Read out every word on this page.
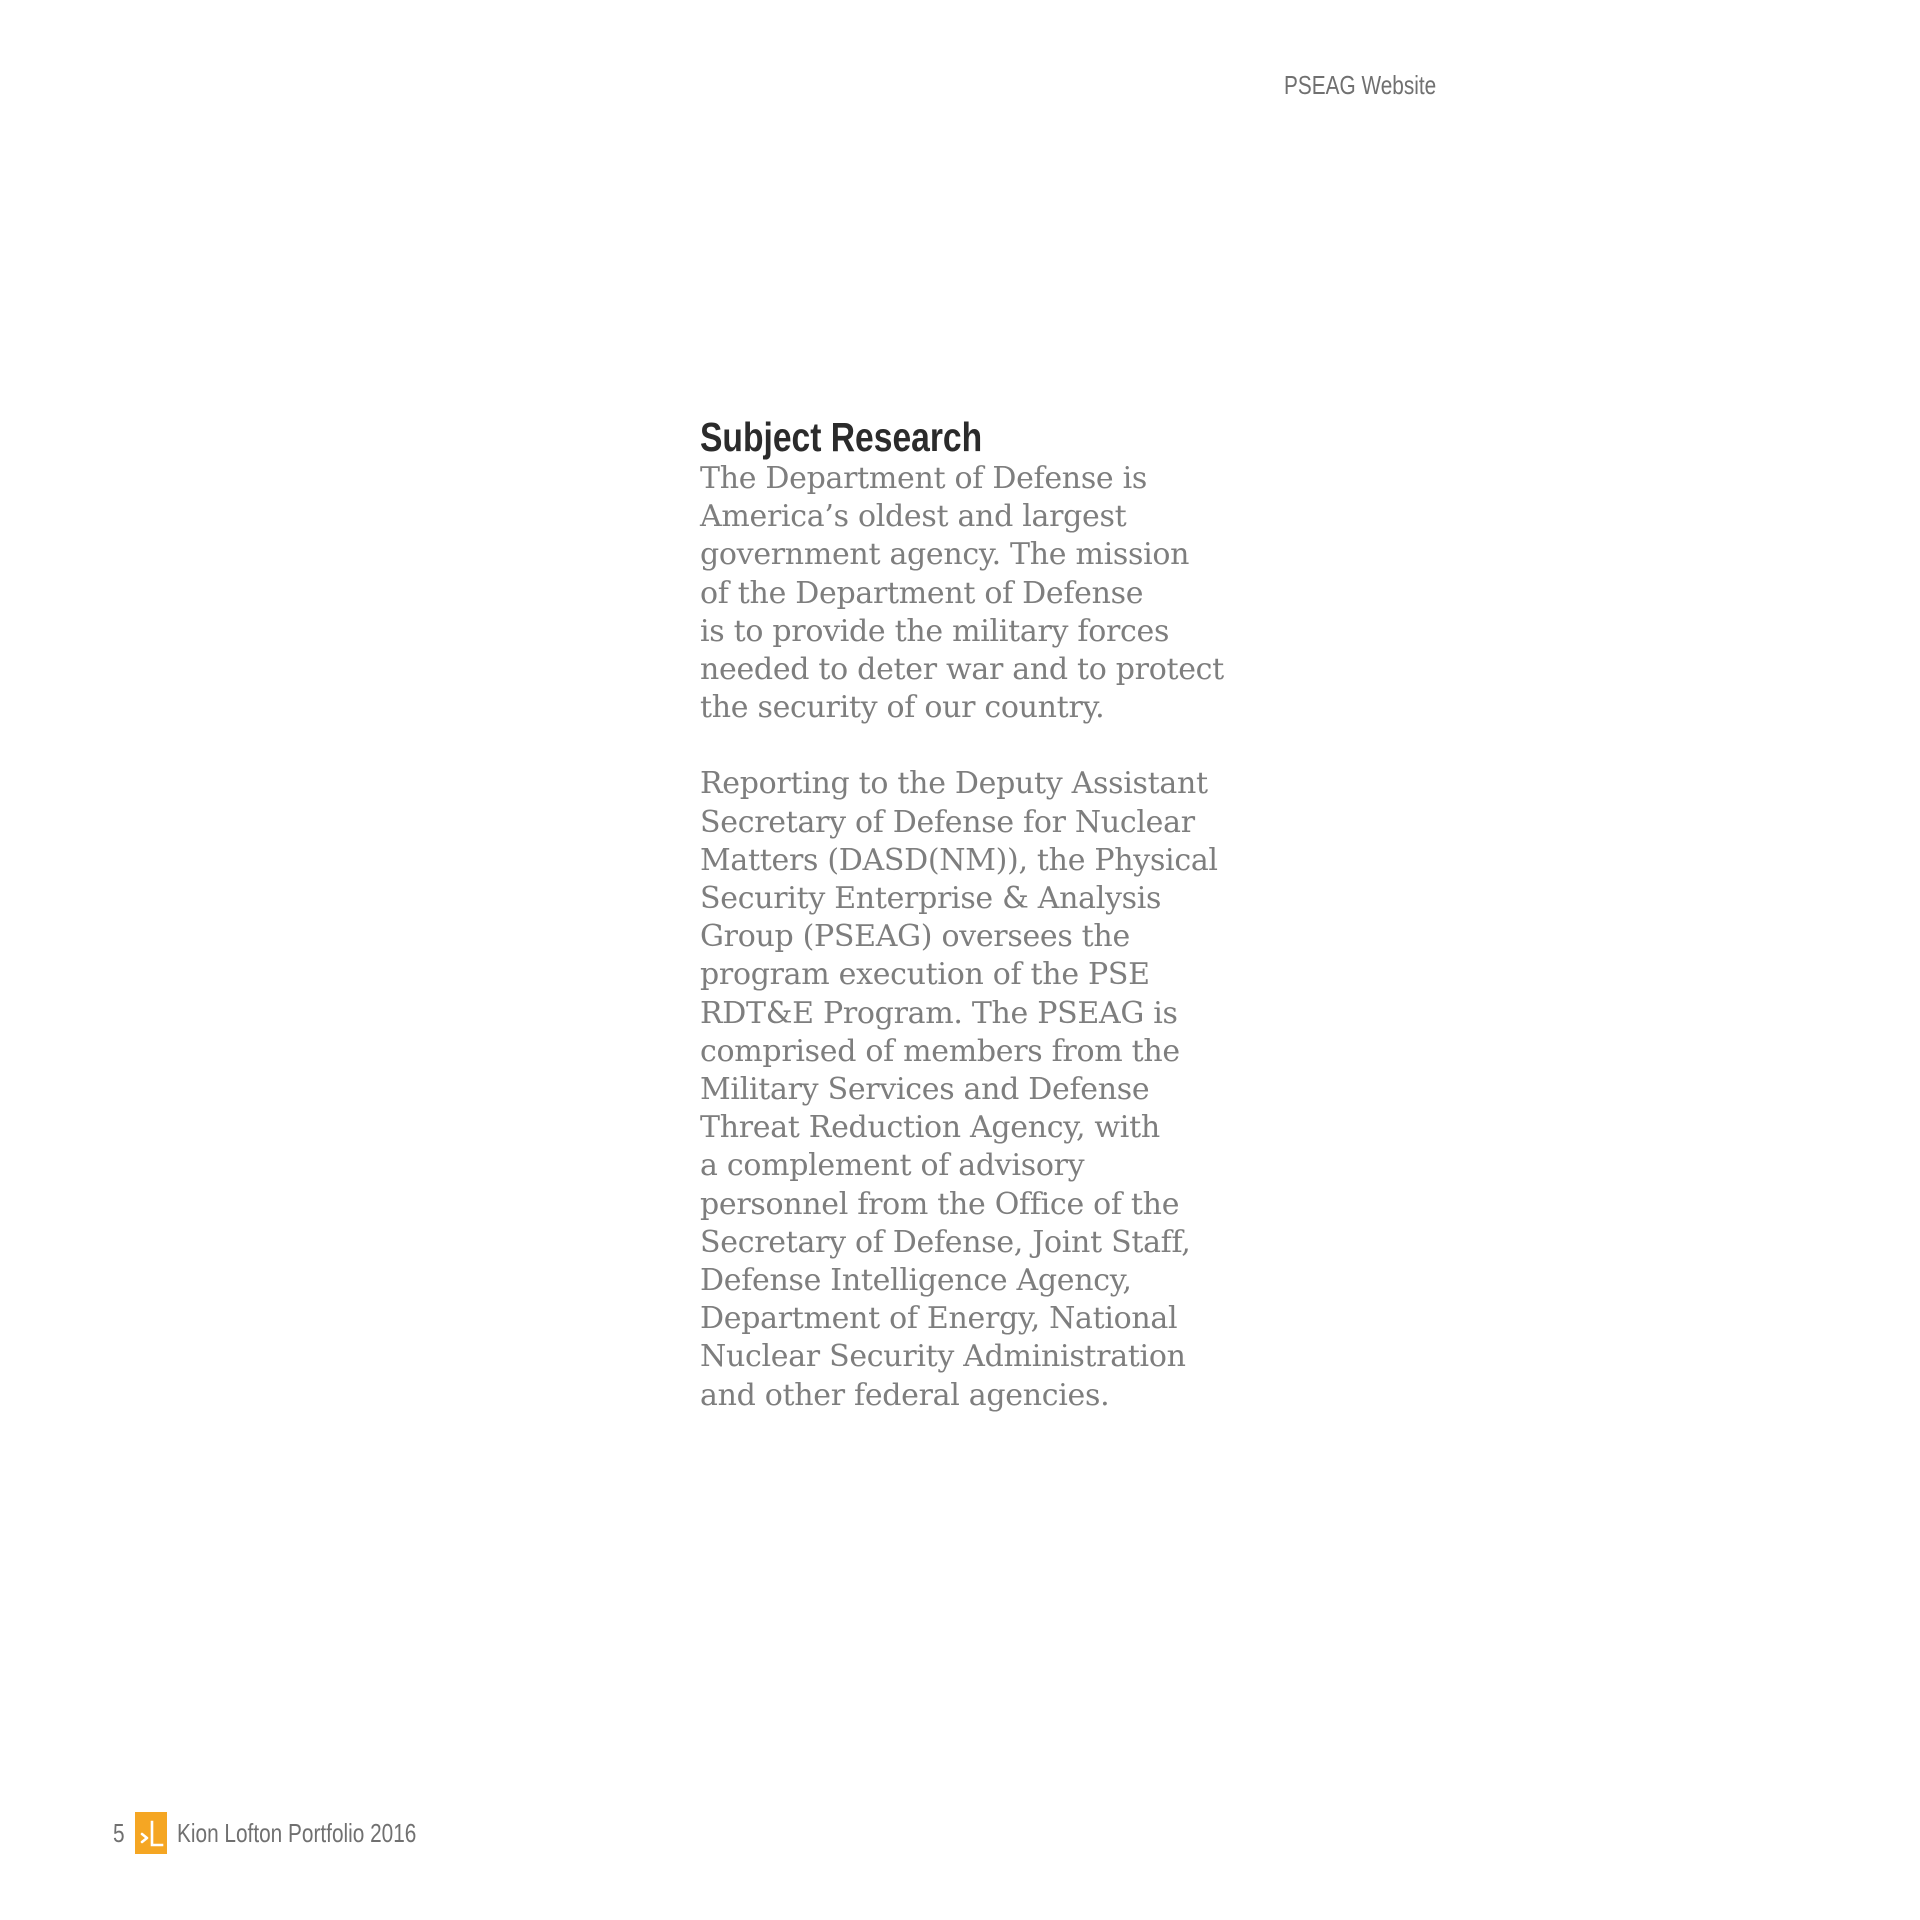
PSEAG Website
Subject Research

The Department of Defense is
America’s oldest and largest
government agency. The mission
of the Department of Defense
is to provide the military forces
needed to deter war and to protect
the security of our country.

Reporting to the Deputy Assistant
Secretary of Defense for Nuclear
Matters (DASD(NM)), the Physical
Security Enterprise & Analysis
Group (PSEAG) oversees the
program execution of the PSE
RDT&E Program. The PSEAG is
comprised of members from the
Military Services and Defense
Threat Reduction Agency, with
a complement of advisory
personnel from the Office of the
Secretary of Defense, Joint Staff,
Defense Intelligence Agency,
Department of Energy, National
Nuclear Security Administration
and other federal agencies.

5 Kion Lofton Portfolio 2016
